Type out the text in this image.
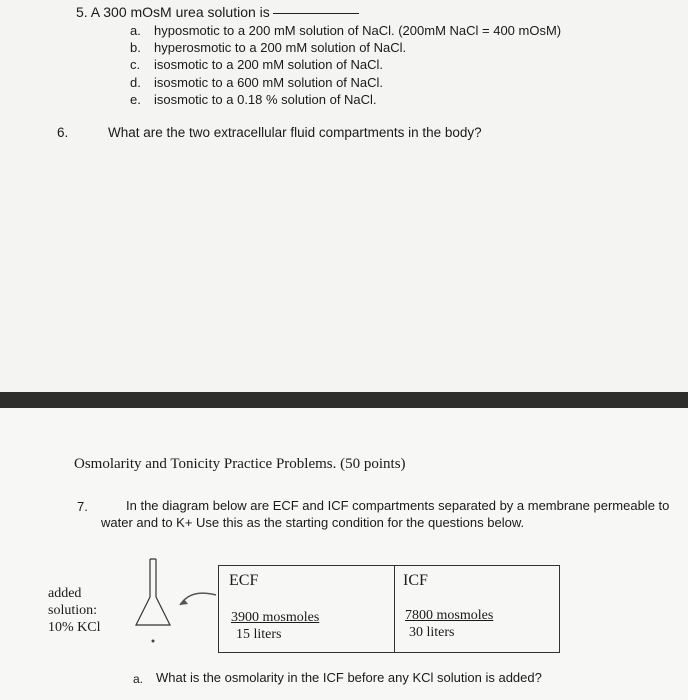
5. A 300 mOsM urea solution is
a. hyposmotic to a 200 mM solution of NaCl. (200mM NaCl = 400 mOsM)
b. hyperosmotic to a 200 mM solution of NaCl.
c. isosmotic to a 200 mM solution of NaCl.
d. isosmotic to a 600 mM solution of NaCl.
e. isosmotic to a 0.18 % solution of NaCl.
6.	What are the two extracellular fluid compartments in the body?
Osmolarity and Tonicity Practice Problems. (50 points)
7.	In the diagram below are ECF and ICF compartments separated by a membrane permeable to
water and to K+ Use this as the starting condition for the questions below.
added
solution:
10% KCl
ECF
3900 mosmoles
15 liters
ICF
7800 mosmoles
30 liters
a. What is the osmolarity in the ICF before any KCl solution is added?
